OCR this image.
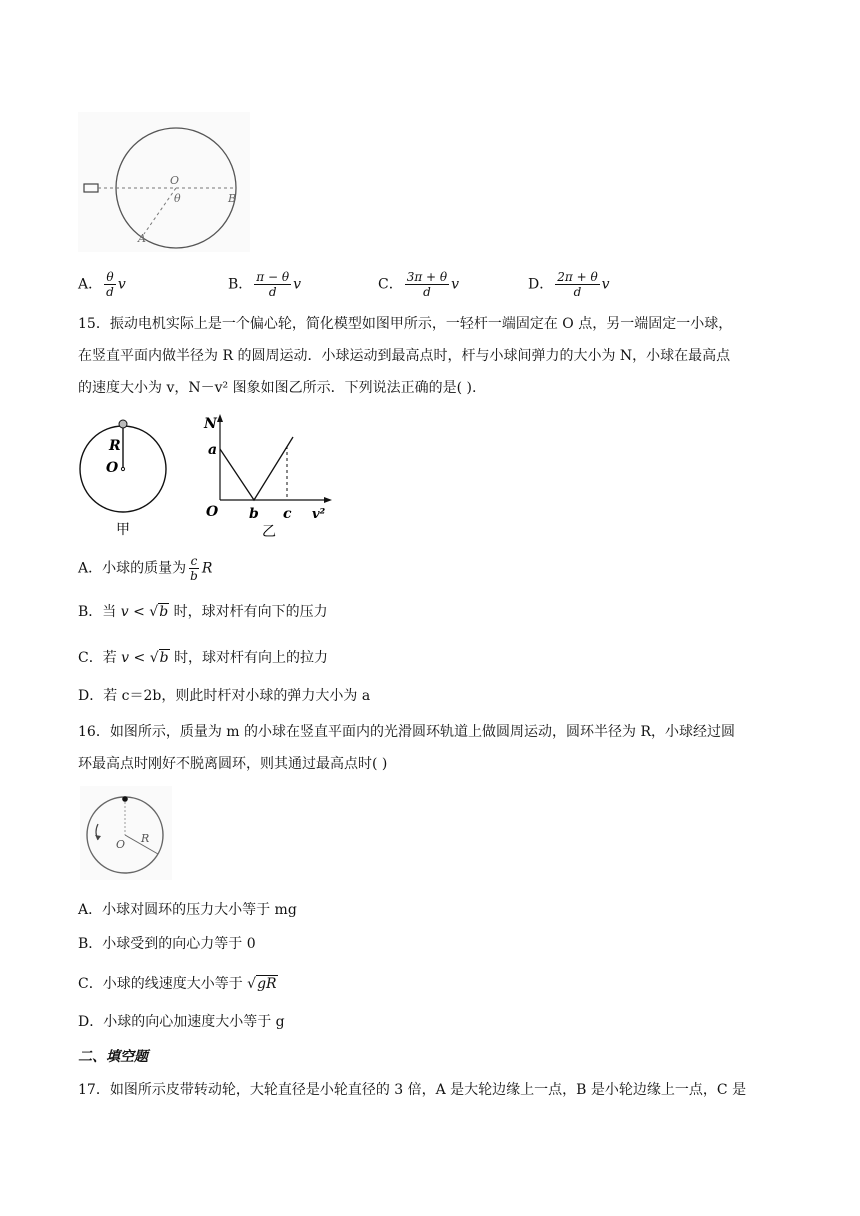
O
θ	B
A
A． $\frac{\theta}{d}$ v	B． $\frac{\pi - \theta}{d}$ v	C． $\frac{3\pi + \theta}{d}$ v	D． $\frac{2\pi + \theta}{d}$ v
15．振动电机实际上是一个偏心轮，简化模型如图甲所示，一轻杆一端固定在 O 点，另一端固定一小球，
在竖直平面内做半径为 R 的圆周运动．小球运动到最高点时，杆与小球间弹力的大小为 N，小球在最高点
的速度大小为 v，N－v² 图象如图乙所示．下列说法正确的是( ).
R
O
甲
N
a
O b c v²
乙
A．小球的质量为 $\frac{c}{b}$ R
B．当 v < √b 时，球对杆有向下的压力
C．若 v < √b 时，球对杆有向上的拉力
D．若 c＝2b，则此时杆对小球的弹力大小为 a
16．如图所示，质量为 m 的小球在竖直平面内的光滑圆环轨道上做圆周运动，圆环半径为 R，小球经过圆
环最高点时刚好不脱离圆环，则其通过最高点时( )
O R
A．小球对圆环的压力大小等于 mg
B．小球受到的向心力等于 0
C．小球的线速度大小等于 √gR
D．小球的向心加速度大小等于 g
二、填空题
17．如图所示皮带转动轮，大轮直径是小轮直径的 3 倍，A 是大轮边缘上一点，B 是小轮边缘上一点，C 是
